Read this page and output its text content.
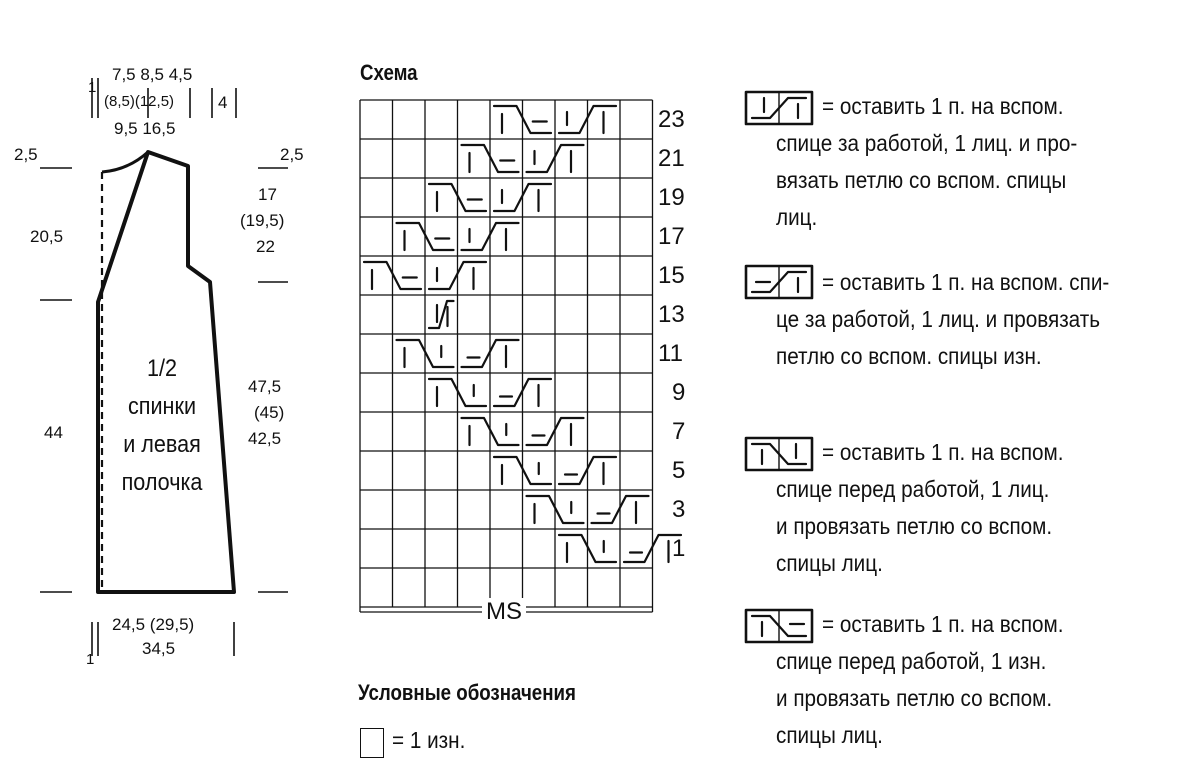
7,5 8,5 4,5
1
(8,5)(12,5)	4
9,5 16,5
2,5
20,5
44
2,5
17
(19,5)
22
47,5
(45)
42,5
1/2
спинки
и левая
полочка
24,5 (29,5)
34,5
1
Схема
23
21
19
17
15
13
11
9
7
5
3
1
MS
Условные обозначения
= 1 изн.
= оставить 1 п. на вспом.
спице за работой, 1 лиц. и про-
вязать петлю со вспом. спицы
лиц.
= оставить 1 п. на вспом. спи-
це за работой, 1 лиц. и провязать
петлю со вспом. спицы изн.
= оставить 1 п. на вспом.
спице перед работой, 1 лиц.
и провязать петлю со вспом.
спицы лиц.
= оставить 1 п. на вспом.
спице перед работой, 1 изн.
и провязать петлю со вспом.
спицы лиц.
